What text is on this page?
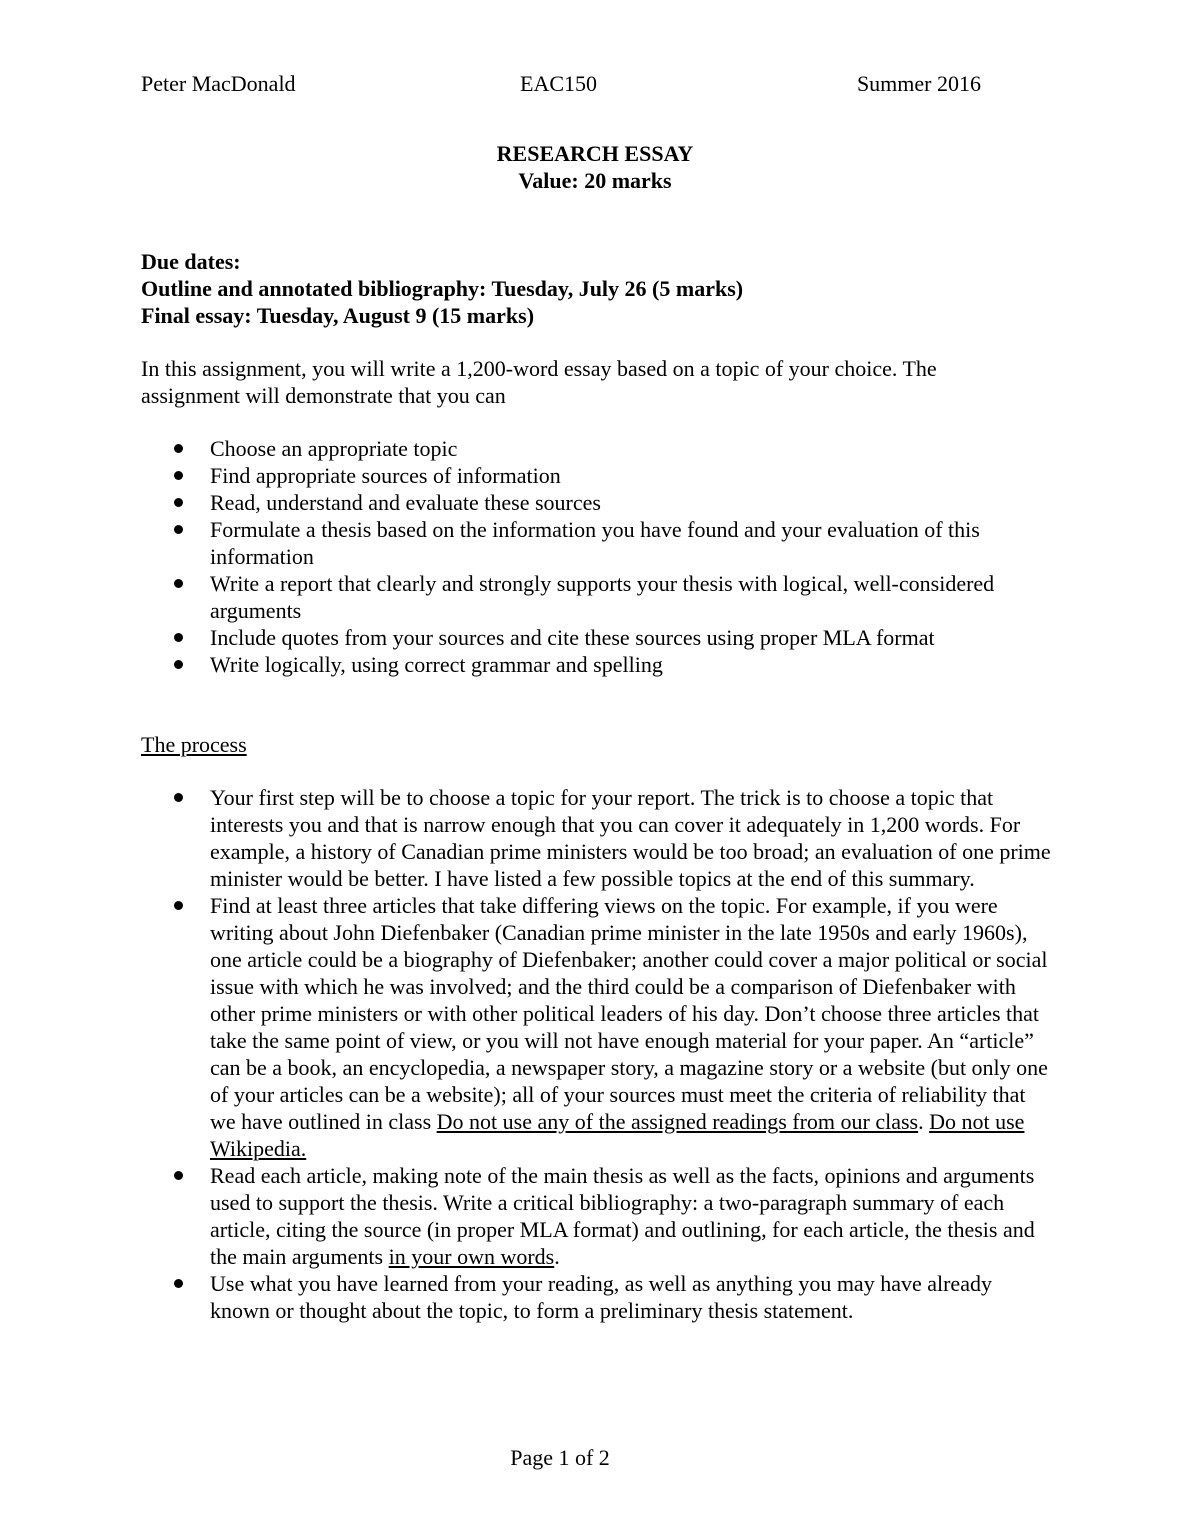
Peter MacDonald	EAC150	Summer 2016
RESEARCH ESSAY
Value: 20 marks
Due dates:
Outline and annotated bibliography: Tuesday, July 26 (5 marks)
Final essay: Tuesday, August 9 (15 marks)

In this assignment, you will write a 1,200-word essay based on a topic of your choice. The assignment will demonstrate that you can

Choose an appropriate topic
Find appropriate sources of information
Read, understand and evaluate these sources
Formulate a thesis based on the information you have found and your evaluation of this information
Write a report that clearly and strongly supports your thesis with logical, well-considered arguments
Include quotes from your sources and cite these sources using proper MLA format
Write logically, using correct grammar and spelling
The process
Your first step will be to choose a topic for your report. The trick is to choose a topic that interests you and that is narrow enough that you can cover it adequately in 1,200 words. For example, a history of Canadian prime ministers would be too broad; an evaluation of one prime minister would be better. I have listed a few possible topics at the end of this summary.
Find at least three articles that take differing views on the topic. For example, if you were writing about John Diefenbaker (Canadian prime minister in the late 1950s and early 1960s), one article could be a biography of Diefenbaker; another could cover a major political or social issue with which he was involved; and the third could be a comparison of Diefenbaker with other prime ministers or with other political leaders of his day. Don’t choose three articles that take the same point of view, or you will not have enough material for your paper. An “article” can be a book, an encyclopedia, a newspaper story, a magazine story or a website (but only one of your articles can be a website); all of your sources must meet the criteria of reliability that we have outlined in class Do not use any of the assigned readings from our class. Do not use Wikipedia.
Read each article, making note of the main thesis as well as the facts, opinions and arguments used to support the thesis. Write a critical bibliography: a two-paragraph summary of each article, citing the source (in proper MLA format) and outlining, for each article, the thesis and the main arguments in your own words.
Use what you have learned from your reading, as well as anything you may have already known or thought about the topic, to form a preliminary thesis statement.
Page 1 of 2
